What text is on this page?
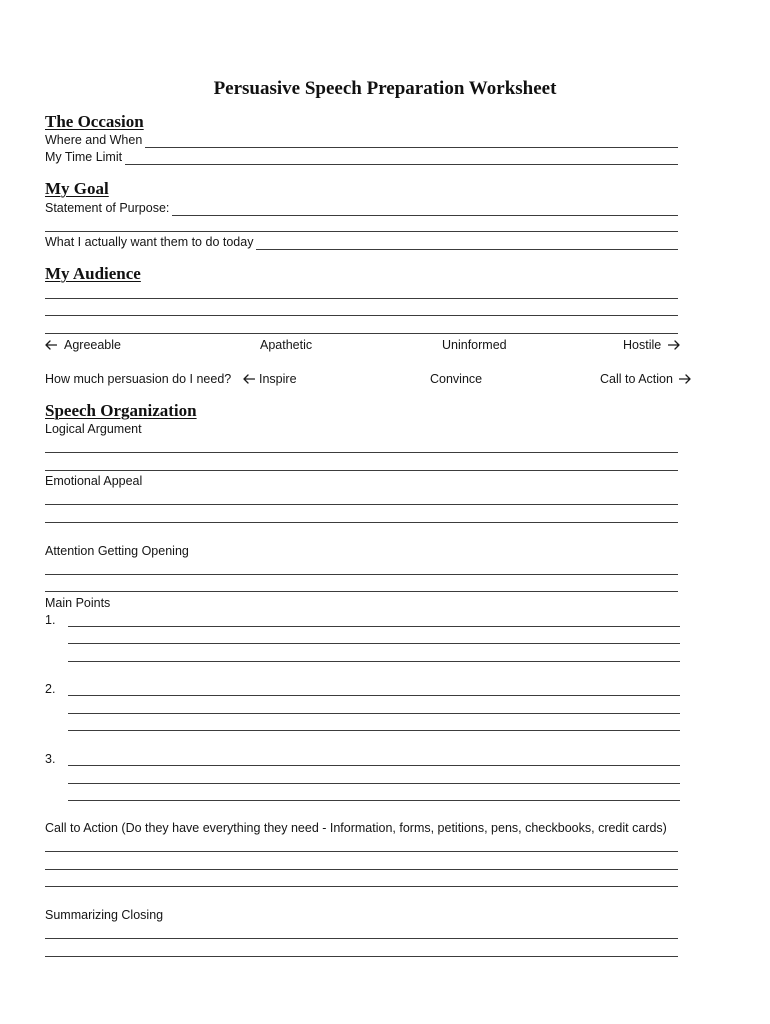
Persuasive Speech Preparation Worksheet
The Occasion
Where and When
My Time Limit
My Goal
Statement of Purpose:
What I actually want them to do today
My Audience
Agreeable	Apathetic	Uninformed	Hostile
How much persuasion do I need? Inspire	Convince	Call to Action
Speech Organization
Logical Argument
Emotional Appeal
Attention Getting Opening
Main Points
1.
2.
3.
Call to Action (Do they have everything they need - Information, forms, petitions, pens, checkbooks, credit cards)
Summarizing Closing
